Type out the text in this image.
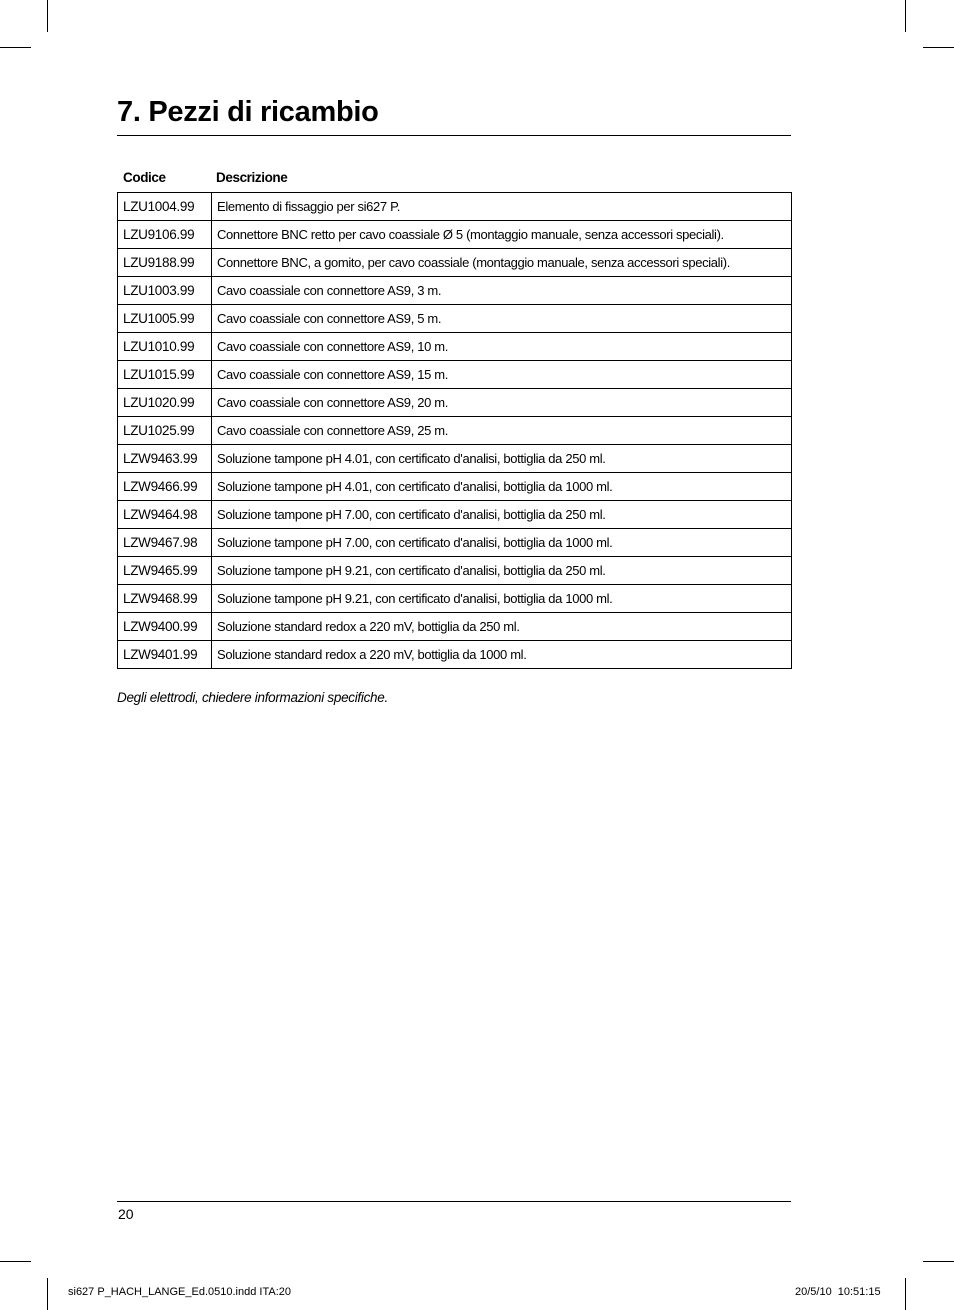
7. Pezzi di ricambio
Codice	Descrizione
LZU1004.99	Elemento di fissaggio per si627 P.
LZU9106.99	Connettore BNC retto per cavo coassiale Ø 5 (montaggio manuale, senza accessori speciali).
LZU9188.99	Connettore BNC, a gomito, per cavo coassiale (montaggio manuale, senza accessori speciali).
LZU1003.99	Cavo coassiale con connettore AS9, 3 m.
LZU1005.99	Cavo coassiale con connettore AS9, 5 m.
LZU1010.99	Cavo coassiale con connettore AS9, 10 m.
LZU1015.99	Cavo coassiale con connettore AS9, 15 m.
LZU1020.99	Cavo coassiale con connettore AS9, 20 m.
LZU1025.99	Cavo coassiale con connettore AS9, 25 m.
LZW9463.99	Soluzione tampone pH 4.01, con certificato d'analisi, bottiglia da 250 ml.
LZW9466.99	Soluzione tampone pH 4.01, con certificato d'analisi, bottiglia da 1000 ml.
LZW9464.98	Soluzione tampone pH 7.00, con certificato d'analisi, bottiglia da 250 ml.
LZW9467.98	Soluzione tampone pH 7.00, con certificato d'analisi, bottiglia da 1000 ml.
LZW9465.99	Soluzione tampone pH 9.21, con certificato d'analisi, bottiglia da 250 ml.
LZW9468.99	Soluzione tampone pH 9.21, con certificato d'analisi, bottiglia da 1000 ml.
LZW9400.99	Soluzione standard redox a 220 mV, bottiglia da 250 ml.
LZW9401.99	Soluzione standard redox a 220 mV, bottiglia da 1000 ml.
Degli elettrodi, chiedere informazioni specifiche.
20
si627 P_HACH_LANGE_Ed.0510.indd ITA:20	20/5/10 10:51:15
